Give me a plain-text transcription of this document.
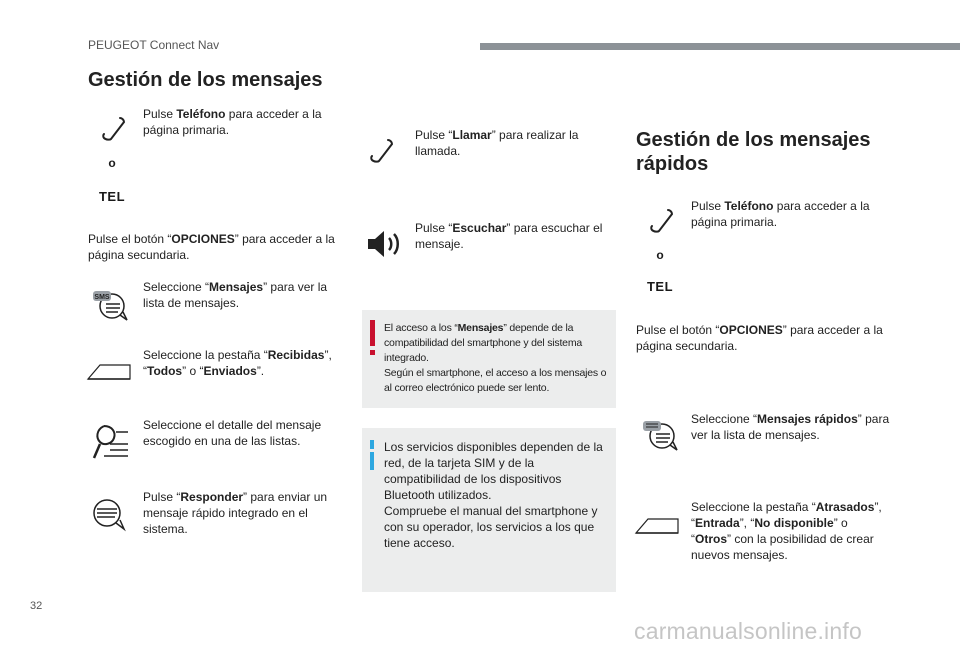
PEUGEOT Connect Nav
Gestión de los mensajes
Pulse Teléfono para acceder a la página primaria.
o
TEL
Pulse el botón “OPCIONES” para acceder a la página secundaria.
SMS
Seleccione “Mensajes” para ver la lista de mensajes.
Seleccione la pestaña “Recibidas”, “Todos” o “Enviados”.
Seleccione el detalle del mensaje escogido en una de las listas.
Pulse “Responder” para enviar un mensaje rápido integrado en el sistema.
Pulse “Llamar” para realizar la llamada.
Pulse “Escuchar” para escuchar el mensaje.
El acceso a los “Mensajes” depende de la compatibilidad del smartphone y del sistema integrado.
Según el smartphone, el acceso a los mensajes o al correo electrónico puede ser lento.
Los servicios disponibles dependen de la red, de la tarjeta SIM y de la compatibilidad de los dispositivos Bluetooth utilizados.
Compruebe el manual del smartphone y con su operador, los servicios a los que tiene acceso.
Gestión de los mensajes
rápidos
Pulse Teléfono para acceder a la página primaria.
o
TEL
Pulse el botón “OPCIONES” para acceder a la página secundaria.
Seleccione “Mensajes rápidos” para ver la lista de mensajes.
Seleccione la pestaña “Atrasados”, “Entrada”, “No disponible” o “Otros” con la posibilidad de crear nuevos mensajes.
32
carmanualsonline.info
